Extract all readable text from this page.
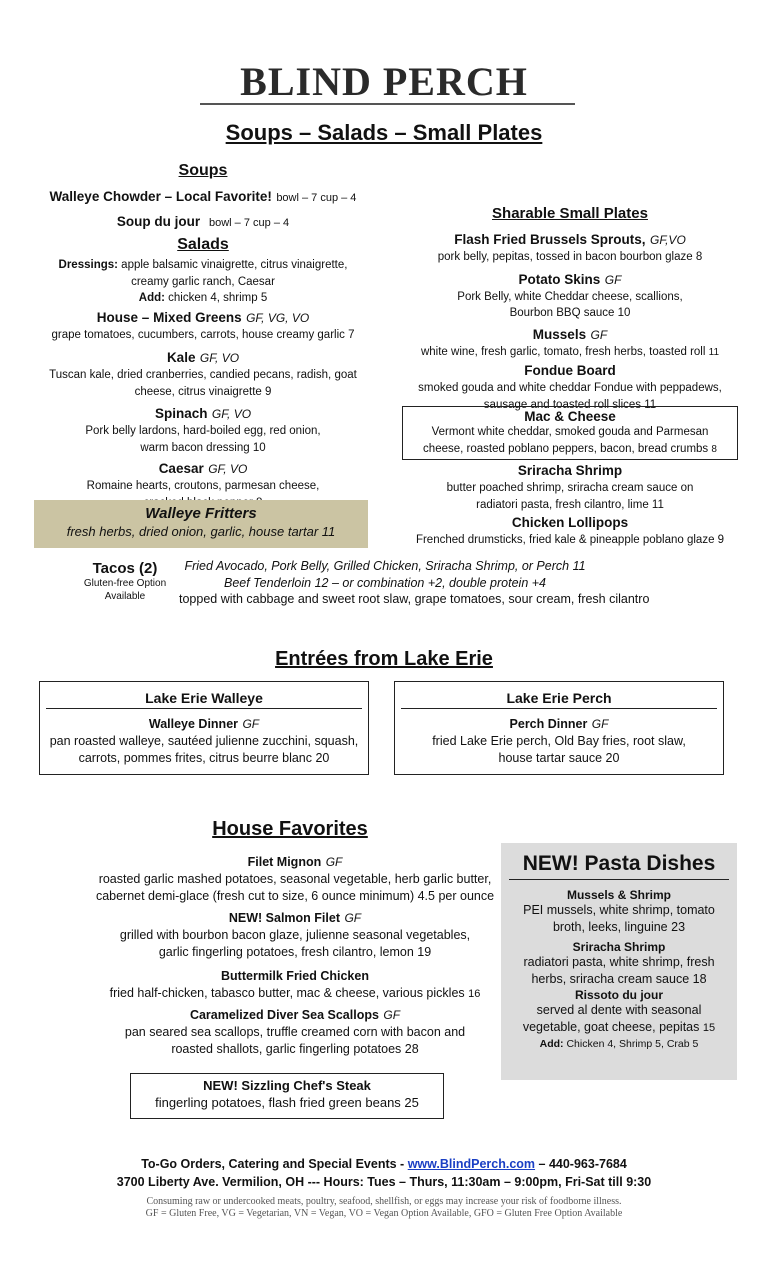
BLIND PERCH
Soups – Salads – Small Plates
Soups
Walleye Chowder – Local Favorite! bowl – 7 cup – 4
Soup du jour bowl – 7 cup – 4
Salads
Dressings: apple balsamic vinaigrette, citrus vinaigrette,
creamy garlic ranch, Caesar
Add: chicken 4, shrimp 5
House – Mixed Greens GF, VG, VO
grape tomatoes, cucumbers, carrots, house creamy garlic 7
Kale GF, VO
Tuscan kale, dried cranberries, candied pecans, radish, goat
cheese, citrus vinaigrette 9
Spinach GF, VO
Pork belly lardons, hard-boiled egg, red onion,
warm bacon dressing 10
Caesar GF, VO
Romaine hearts, croutons, parmesan cheese,
Walleye Fritters
fresh herbs, dried onion, garlic, house tartar 11
Sharable Small Plates
Flash Fried Brussels Sprouts, GF,VO
pork belly, pepitas, tossed in bacon bourbon glaze 8
Potato Skins GF
Pork Belly, white Cheddar cheese, scallions,
Bourbon BBQ sauce 10
Mussels GF
white wine, fresh garlic, tomato, fresh herbs, toasted roll 11
Fondue Board
smoked gouda and white cheddar Fondue with peppadews,
sausage and toasted roll slices 11
Mac & Cheese
Vermont white cheddar, smoked gouda and Parmesan
cheese, roasted poblano peppers, bacon, bread crumbs 8
Sriracha Shrimp
butter poached shrimp, sriracha cream sauce on
radiatori pasta, fresh cilantro, lime 11
Chicken Lollipops
Frenched drumsticks, fried kale & pineapple poblano glaze 9
Tacos (2)
Gluten-free Option
Available
Fried Avocado, Pork Belly, Grilled Chicken, Sriracha Shrimp, or Perch 11
Beef Tenderloin 12 – or combination +2, double protein +4
topped with cabbage and sweet root slaw, grape tomatoes, sour cream, fresh cilantro
Entrées from Lake Erie
Lake Erie Walleye
Walleye Dinner GF
pan roasted walleye, sautéed julienne zucchini, squash,
carrots, pommes frites, citrus beurre blanc 20
Lake Erie Perch
Perch Dinner GF
fried Lake Erie perch, Old Bay fries, root slaw,
house tartar sauce 20
House Favorites
Filet Mignon GF
roasted garlic mashed potatoes, seasonal vegetable, herb garlic butter,
cabernet demi-glace (fresh cut to size, 6 ounce minimum) 4.5 per ounce
NEW! Salmon Filet GF
grilled with bourbon bacon glaze, julienne seasonal vegetables,
garlic fingerling potatoes, fresh cilantro, lemon 19
Buttermilk Fried Chicken
fried half-chicken, tabasco butter, mac & cheese, various pickles 16
Caramelized Diver Sea Scallops GF
pan seared sea scallops, truffle creamed corn with bacon and
roasted shallots, garlic fingerling potatoes 28
NEW! Sizzling Chef's Steak
fingerling potatoes, flash fried green beans 25
NEW! Pasta Dishes
Mussels & Shrimp
PEI mussels, white shrimp, tomato
broth, leeks, linguine 23
Sriracha Shrimp
radiatori pasta, white shrimp, fresh
herbs, sriracha cream sauce 18
Rissoto du jour
served al dente with seasonal
vegetable, goat cheese, pepitas 15
Add: Chicken 4, Shrimp 5, Crab 5
To-Go Orders, Catering and Special Events - www.BlindPerch.com – 440-963-7684
3700 Liberty Ave. Vermilion, OH --- Hours: Tues – Thurs, 11:30am – 9:00pm, Fri-Sat till 9:30
Consuming raw or undercooked meats, poultry, seafood, shellfish, or eggs may increase your risk of foodborne illness.
GF = Gluten Free, VG = Vegetarian, VN = Vegan, VO = Vegan Option Available, GFO = Gluten Free Option Available
